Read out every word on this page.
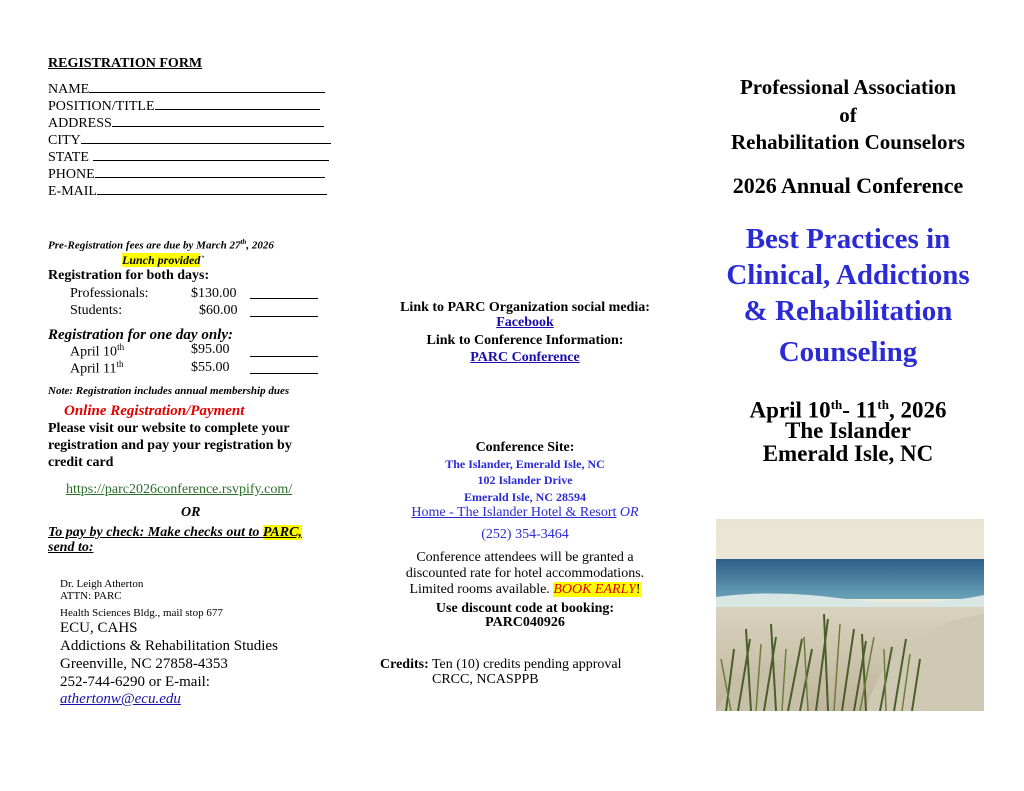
REGISTRATION FORM
NAME
POSITION/TITLE
ADDRESS
CITY
STATE
PHONE
E-MAIL
Pre-Registration fees are due by March 27th, 2026
Lunch provided`
Registration for both days:
Professionals:	$130.00
Students:	$60.00
Registration for one day only:
April 10th	$95.00
April 11th	$55.00
Note: Registration includes annual membership dues
Online Registration/Payment
Please visit our website to complete your registration and pay your registration by credit card
https://parc2026conference.rsvpify.com/
OR
To pay by check: Make checks out to PARC,
send to:
Dr. Leigh Atherton
ATTN: PARC
Health Sciences Bldg., mail stop 677
ECU, CAHS
Addictions & Rehabilitation Studies
Greenville, NC 27858-4353
252-744-6290 or E-mail:
athertonw@ecu.edu
Link to PARC Organization social media:
Facebook
Link to Conference Information:
PARC Conference
Conference Site:
The Islander, Emerald Isle, NC
102 Islander Drive
Emerald Isle, NC 28594
Home - The Islander Hotel & Resort OR
(252) 354-3464
Conference attendees will be granted a
discounted rate for hotel accommodations.
Limited rooms available. BOOK EARLY!
Use discount code at booking:
PARC040926
Credits: Ten (10) credits pending approval
CRCC, NCASPPB
Professional Association
of
Rehabilitation Counselors
2026 Annual Conference
Best Practices in
Clinical, Addictions
& Rehabilitation
Counseling
April 10th- 11th, 2026
The Islander
Emerald Isle, NC
